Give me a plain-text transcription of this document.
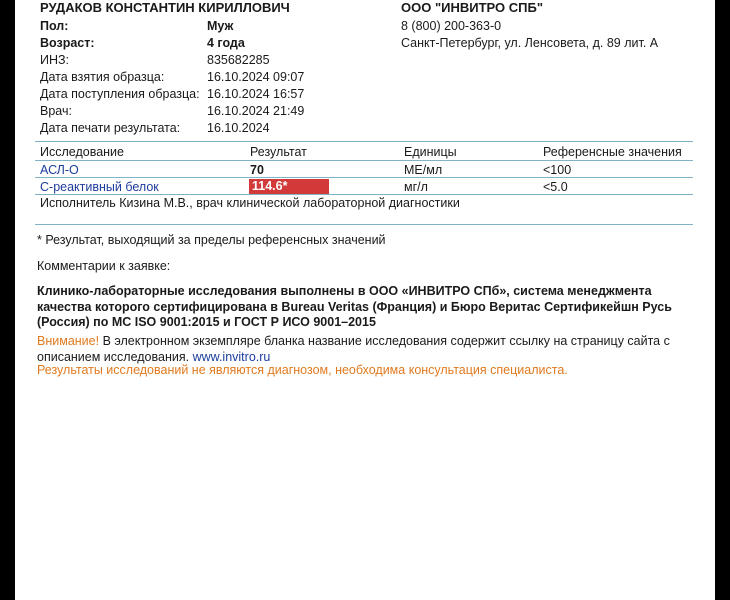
РУДАКОВ КОНСТАНТИН КИРИЛЛОВИЧ	ООО "ИНВИТРО СПБ"
8 (800) 200-363-0
Санкт-Петербург, ул. Ленсовета, д. 89 лит. А
Пол:	Муж
Возраст:	4 года
ИНЗ:	835682285
Дата взятия образца:	16.10.2024 09:07
Дата поступления образца: 16.10.2024 16:57
Врач:	16.10.2024 21:49
Дата печати результата: 16.10.2024
Исследование	Результат	Единицы	Референсные значения
АСЛ-О	70	МЕ/мл	<100
С-реактивный белок	114.6*	мг/л	<5.0
Исполнитель Кизина М.В., врач клинической лабораторной диагностики
* Результат, выходящий за пределы референсных значений
Комментарии к заявке:
Клинико-лабораторные исследования выполнены в ООО «ИНВИТРО СПб», система менеджмента качества которого сертифицирована в Bureau Veritas (Франция) и Бюро Веритас Сертификейшн Русь (Россия) по МС ISO 9001:2015 и ГОСТ Р ИСО 9001–2015
Внимание! В электронном экземпляре бланка название исследования содержит ссылку на страницу сайта с описанием исследования. www.invitro.ru
Результаты исследований не являются диагнозом, необходима консультация специалиста.
